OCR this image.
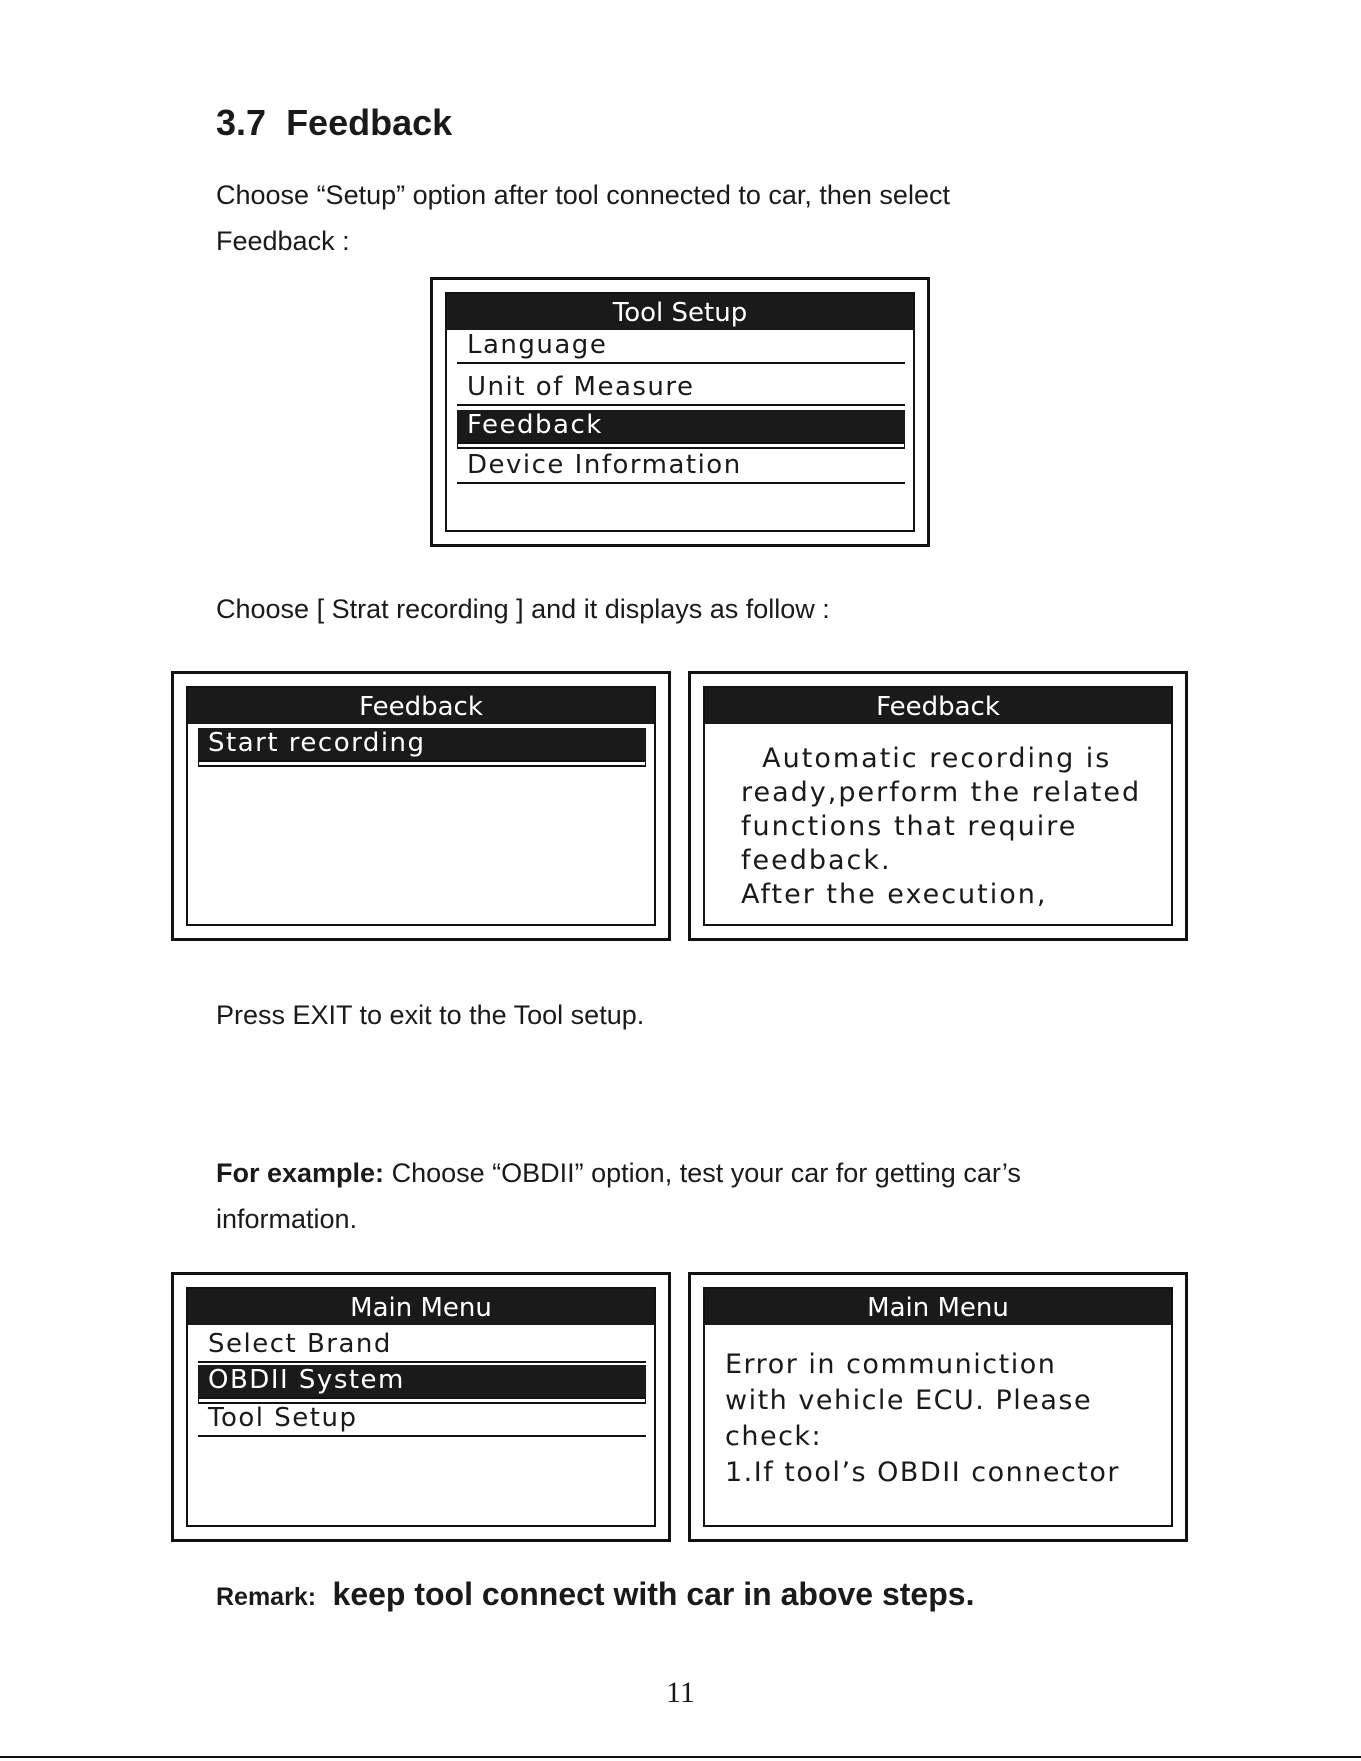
3.7 Feedback

Choose “Setup” option after tool connected to car, then select
Feedback :

Tool Setup
Language
Unit of Measure
Feedback
Device Information

Choose [ Strat recording ] and it displays as follow :

Feedback
Start recording
Feedback
Automatic recording is
ready,perform the related
functions that require
feedback.
After the execution,

Press EXIT to exit to the Tool setup.

For example: Choose “OBDII” option, test your car for getting car’s
information.

Main Menu
Select Brand
OBDII System
Tool Setup
Main Menu
Error in communiction
with vehicle ECU. Please
check:
1.If tool’s OBDII connector
Remark: keep tool connect with car in above steps.
11
